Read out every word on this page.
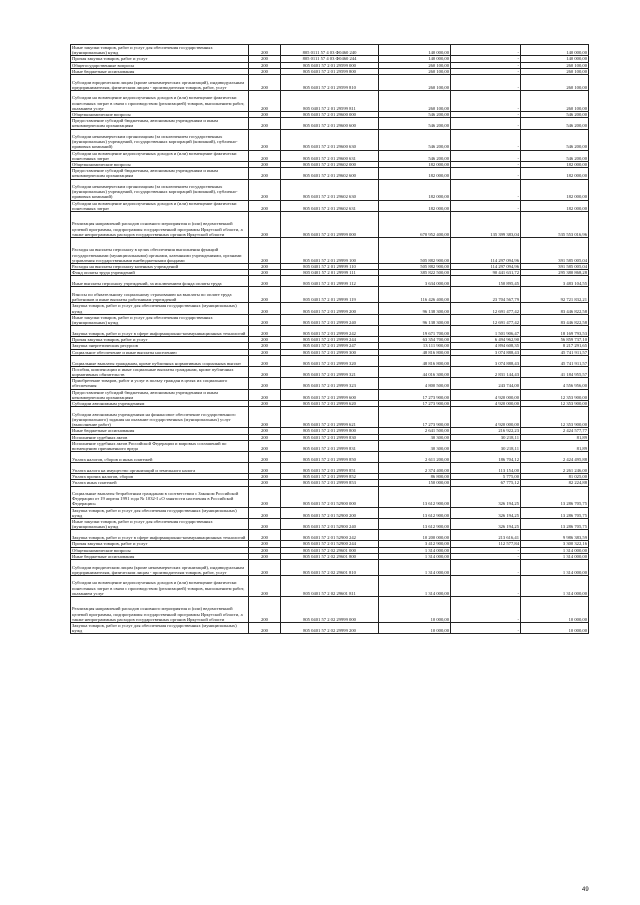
Иные закупки товаров, работ и услуг для обеспечения государственных (муниципальных) нужд	200	805 0111 57 4 03 Ф0460 240	140 000,00	-	140 000,00
Прочая закупка товаров, работ и услуг	200	805 0111 57 4 03 Ф0460 244	140 000,00	-	140 000,00
Общегосударственные вопросы	200	805 0401 57 2 01 29599 000	260 100,00	-	260 100,00
Иные бюджетные ассигнования	200	805 0401 57 2 01 29599 800	260 100,00	-	260 100,00
Субсидии юридическим лицам (кроме некоммерческих организаций), индивидуальным предпринимателям, физическим лицам - производителям товаров, работ, услуг	200	805 0401 57 2 01 29599 810	260 100,00	-	260 100,00
Субсидии на возмещение недополученных доходов и (или) возмещение фактически понесенных затрат в связи с производством (реализацией) товаров, выполнением работ, оказанием услуг	200	805 0401 57 2 01 29599 811	260 100,00	-	260 100,00
Общеэкономические вопросы	200	805 0401 57 2 01 29600 000	546 200,00	-	546 200,00
Предоставление субсидий бюджетным, автономным учреждениям и иным некоммерческим организациям	200	805 0401 57 2 01 29600 600	546 200,00	-	546 200,00
Субсидии некоммерческим организациям (за исключением государственных (муниципальных) учреждений, государственных корпораций (компаний), публично-правовых компаний)	200	805 0401 57 2 01 29600 630	546 200,00	-	546 200,00
Субсидии на возмещение недополученных доходов и (или) возмещение фактически понесенных затрат	200	805 0401 57 2 01 29600 631	546 200,00	-	546 200,00
Общеэкономические вопросы	200	805 0401 57 2 01 29602 000	182 000,00	-	182 000,00
Предоставление субсидий бюджетным, автономным учреждениям и иным некоммерческим организациям	200	805 0401 57 2 01 29602 600	182 000,00	-	182 000,00
Субсидии некоммерческим организациям (за исключением государственных (муниципальных) учреждений, государственных корпораций (компаний), публично-правовых компаний)	200	805 0401 57 2 01 29602 630	182 000,00	-	182 000,00
Субсидии на возмещение недополученных доходов и (или) возмещение фактически понесенных затрат	200	805 0401 57 2 01 29602 631	182 000,00	-	182 000,00
Реализация направлений расходов основного мероприятия и (или) ведомственной целевой программы, подпрограммы государственной программы Иркутской области, а также непрограммных расходов государственных органов Иркутской области	200	805 0401 57 2 01 29999 000	670 952 400,00	135 399 383,04	535 553 016,96
Расходы на выплаты персоналу в целях обеспечения выполнения функций государственными (муниципальными) органами, казенными учреждениями, органами управления государственными внебюджетными фондами	200	805 0401 57 2 01 29999 100	505 882 900,00	114 297 094,96	391 585 005,04
Расходы на выплаты персоналу казенных учреждений	200	805 0401 57 2 01 29999 110	505 882 900,00	114 297 094,96	391 585 005,04
Фонд оплаты труда учреждений	200	805 0401 57 2 01 29999 111	385 822 500,00	90 441 631,72	295 380 868,28
Иные выплаты персоналу учреждений, за исключением фонда оплаты труда	200	805 0401 57 2 01 29999 112	3 634 000,00	150 895,45	3 483 104,55
Взносы по обязательному социальному страхованию на выплаты по оплате труда работников и иные выплаты работникам учреждений	200	805 0401 57 2 01 29999 119	116 426 400,00	23 704 567,79	92 721 832,21
Закупка товаров, работ и услуг для обеспечения государственных (муниципальных) нужд	200	805 0401 57 2 01 29999 200	96 138 300,00	12 691 477,42	83 446 822,58
Иные закупки товаров, работ и услуг для обеспечения государственных (муниципальных) нужд	200	805 0401 57 2 01 29999 240	96 138 300,00	12 691 477,42	83 446 822,58
Закупка товаров, работ и услуг в сфере информационно-коммуникационных технологий	200	805 0401 57 2 01 29999 242	19 671 700,00	1 501 906,47	18 169 793,53
Прочая закупка товаров, работ и услуг	200	805 0401 57 2 01 29999 244	63 354 700,00	6 494 962,90	56 859 737,10
Закупка энергетических ресурсов	200	805 0401 57 2 01 29999 247	13 111 900,00	4 894 608,35	8 217 291,65
Социальное обеспечение и иные выплаты населению	200	805 0401 57 2 01 29999 300	48 816 800,00	3 074 888,43	45 741 911,57
Социальные выплаты гражданам, кроме публичных нормативных социальных выплат	200	805 0401 57 2 01 29999 320	48 816 800,00	3 074 888,43	45 741 911,57
Пособия, компенсации и иные социальные выплаты гражданам, кроме публичных нормативных обязательств	200	805 0401 57 2 01 29999 321	44 016 300,00	2 831 144,43	41 184 955,57
Приобретение товаров, работ и услуг в пользу граждан в целях их социального обеспечения	200	805 0401 57 2 01 29999 323	4 800 500,00	243 744,00	4 556 956,00
Предоставление субсидий бюджетным, автономным учреждениям и иным некоммерческим организациям	200	805 0401 57 2 01 29999 600	17 273 900,00	4 920 000,00	12 353 900,00
Субсидии автономным учреждениям	200	805 0401 57 2 01 29999 620	17 273 900,00	4 920 000,00	12 353 900,00
Субсидии автономным учреждениям на финансовое обеспечение государственного (муниципального) задания на оказание государственных (муниципальных) услуг (выполнение работ)	200	805 0401 57 2 01 29999 621	17 273 900,00	4 920 000,00	12 353 900,00
Иные бюджетные ассигнования	200	805 0401 57 2 01 29999 800	2 641 500,00	216 922,23	2 424 577,77
Исполнение судебных актов	200	805 0401 57 2 01 29999 830	30 300,00	30 218,11	81,89
Исполнение судебных актов Российской Федерации и мировых соглашений по возмещению причиненного вреда	200	805 0401 57 2 01 29999 831	30 300,00	30 218,11	81,89
Уплата налогов, сборов и иных платежей	200	805 0401 57 2 01 29999 850	2 611 200,00	186 704,12	2 424 495,88
Уплата налога на имущество организаций и земельного налога	200	805 0401 57 2 01 29999 851	2 374 400,00	113 154,00	2 261 246,00
Уплата прочих налогов, сборов	200	805 0401 57 2 01 29999 852	86 800,00	5 775,00	81 025,00
Уплата иных платежей	200	805 0401 57 2 01 29999 853	150 000,00	67 775,12	82 224,88
Социальные выплаты безработным гражданам в соответствии с Законом Российской Федерации от 19 апреля 1991 года № 1032-I «О занятости населения в Российской Федерации»	200	805 0401 57 2 01 52900 000	13 612 900,00	326 194,25	13 286 705,75
Закупка товаров, работ и услуг для обеспечения государственных (муниципальных) нужд	200	805 0401 57 2 01 52900 200	13 612 900,00	326 194,25	13 286 705,75
Иные закупки товаров, работ и услуг для обеспечения государственных (муниципальных) нужд	200	805 0401 57 2 01 52900 240	13 612 900,00	326 194,25	13 286 705,75
Закупка товаров, работ и услуг в сфере информационно-коммуникационных технологий	200	805 0401 57 2 01 52900 242	10 200 000,00	213 616,41	9 986 383,59
Прочая закупка товаров, работ и услуг	200	805 0401 57 2 01 52900 244	3 412 900,00	112 577,84	3 300 322,16
Общеэкономические вопросы	200	805 0401 57 2 02 29601 000	1 314 000,00	-	1 314 000,00
Иные бюджетные ассигнования	200	805 0401 57 2 02 29601 800	1 314 000,00	-	1 314 000,00
Субсидии юридическим лицам (кроме некоммерческих организаций), индивидуальным предпринимателям, физическим лицам - производителям товаров, работ, услуг	200	805 0401 57 2 02 29601 810	1 314 000,00	-	1 314 000,00
Субсидии на возмещение недополученных доходов и (или) возмещение фактически понесенных затрат в связи с производством (реализацией) товаров, выполнением работ, оказанием услуг	200	805 0401 57 2 02 29601 811	1 314 000,00	-	1 314 000,00
Реализация направлений расходов основного мероприятия и (или) ведомственной целевой программы, подпрограммы государственной программы Иркутской области, а также непрограммных расходов государственных органов Иркутской области	200	805 0401 57 2 02 29999 000	10 000,00	-	10 000,00
Закупка товаров, работ и услуг для обеспечения государственных (муниципальных) нужд	200	805 0401 57 2 02 29999 200	10 000,00	-	10 000,00
49
